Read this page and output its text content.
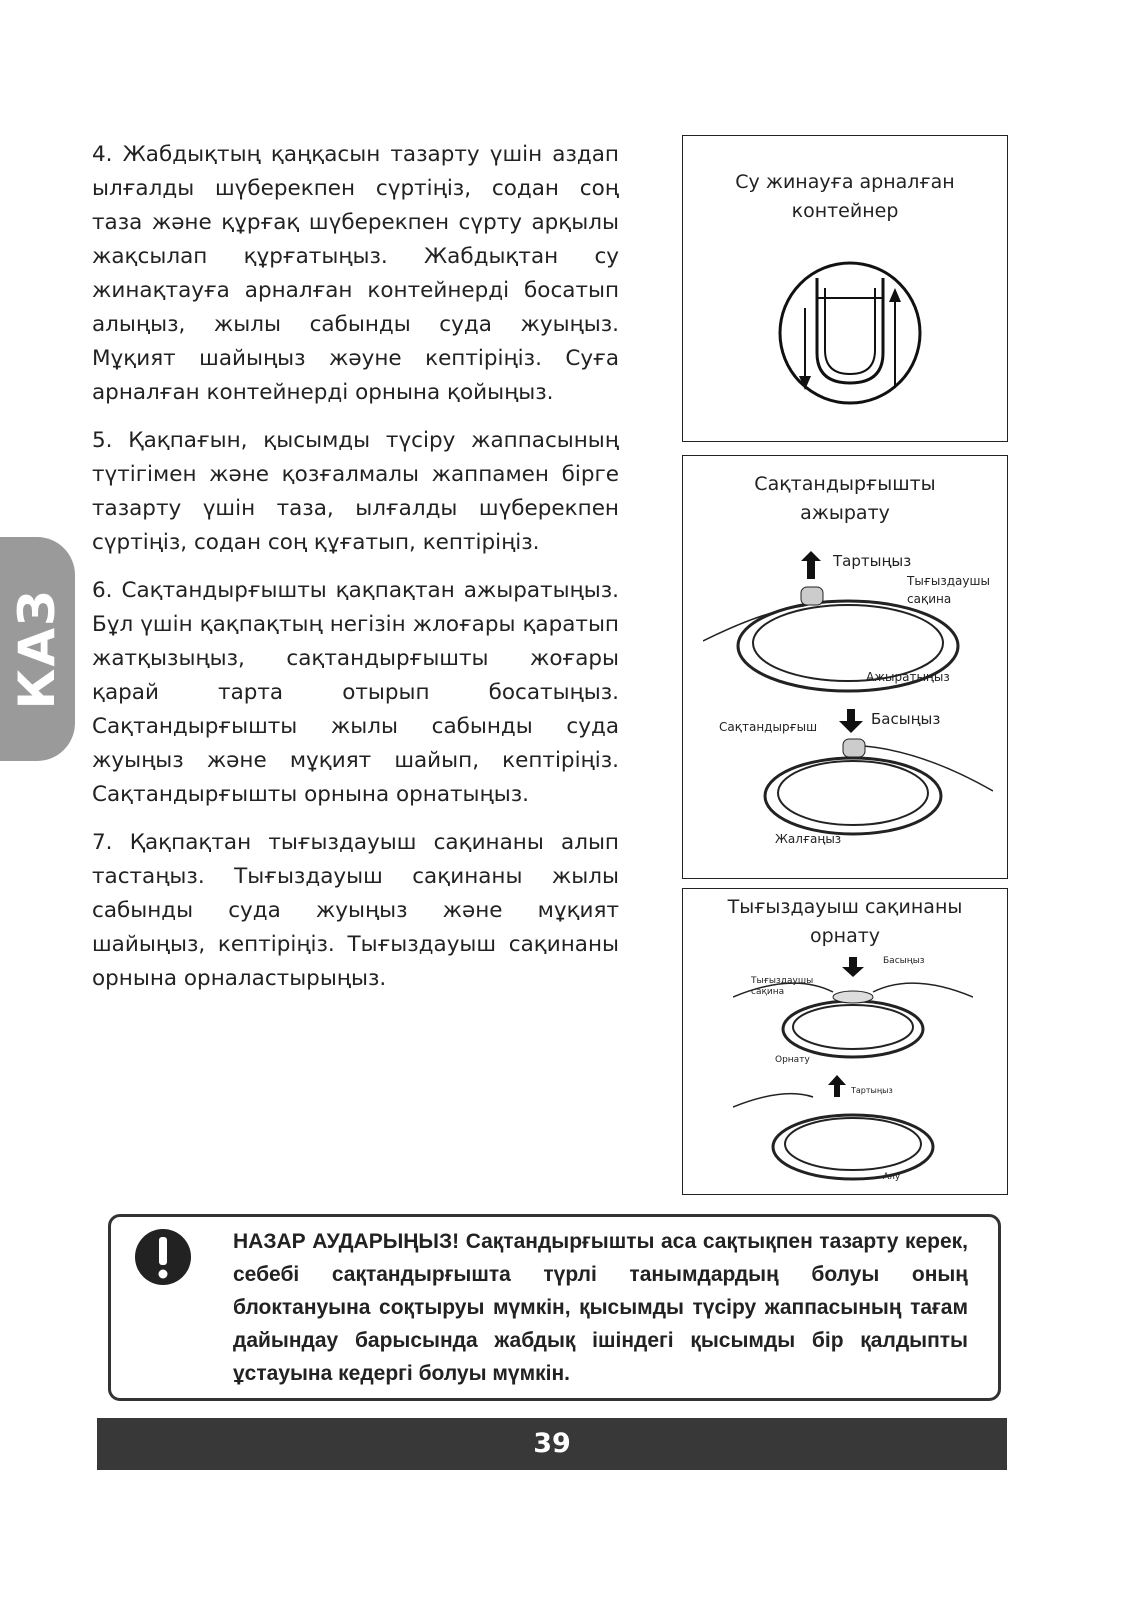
КАЗ

4. Жабдықтың қаңқасын тазарту үшін аздап ылғалды шүберекпен сүртіңіз, содан соң таза және құрғақ шүберекпен сүрту арқылы жақсылап құрғатыңыз. Жабдықтан су жинақтауға арналған контейнерді босатып алыңыз, жылы сабынды суда жуыңыз. Мұқият шайыңыз жәуне кептіріңіз. Суға арналған контейнерді орнына қойыңыз.

5. Қақпағын, қысымды түсіру жаппасының түтігімен және қозғалмалы жаппамен бірге тазарту үшін таза, ылғалды шүберекпен сүртіңіз, содан соң құғатып, кептіріңіз.

6. Сақтандырғышты қақпақтан ажыратыңыз. Бұл үшін қақпақтың негізін жлоғары қаратып жатқызыңыз, сақтандырғышты жоғары қарай тарта отырып босатыңыз. Сақтандырғышты жылы сабынды суда жуыңыз және мұқият шайып, кептіріңіз. Сақтандырғышты орнына орнатыңыз.

7. Қақпақтан тығыздауыш сақинаны алып тастаңыз. Тығыздауыш сақинаны жылы сабынды суда жуыңыз және мұқият шайыңыз, кептіріңіз. Тығыздауыш сақинаны орнына орналастырыңыз.

Су жинауға арналған
контейнер
Сақтандырғышты
ажырату
Тартыңыз
Тығыздаушы
сақина
Ажыратыңыз
Сақтандырғыш	Басыңыз
Жалғаңыз
Тығыздауыш сақинаны
орнату
Басыңыз
Тығыздаушы
сақина
Орнату
Тартыңыз
Алу
НАЗАР АУДАРЫҢЫЗ! Сақтандырғышты аса сақтықпен тазарту керек, себебі сақтандырғышта түрлі танымдардың болуы оның блоктануына соқтыруы мүмкін, қысымды түсіру жаппасының тағам дайындау барысында жабдық ішіндегі қысымды бір қалдыпты ұстауына кедергі болуы мүмкін.
39
